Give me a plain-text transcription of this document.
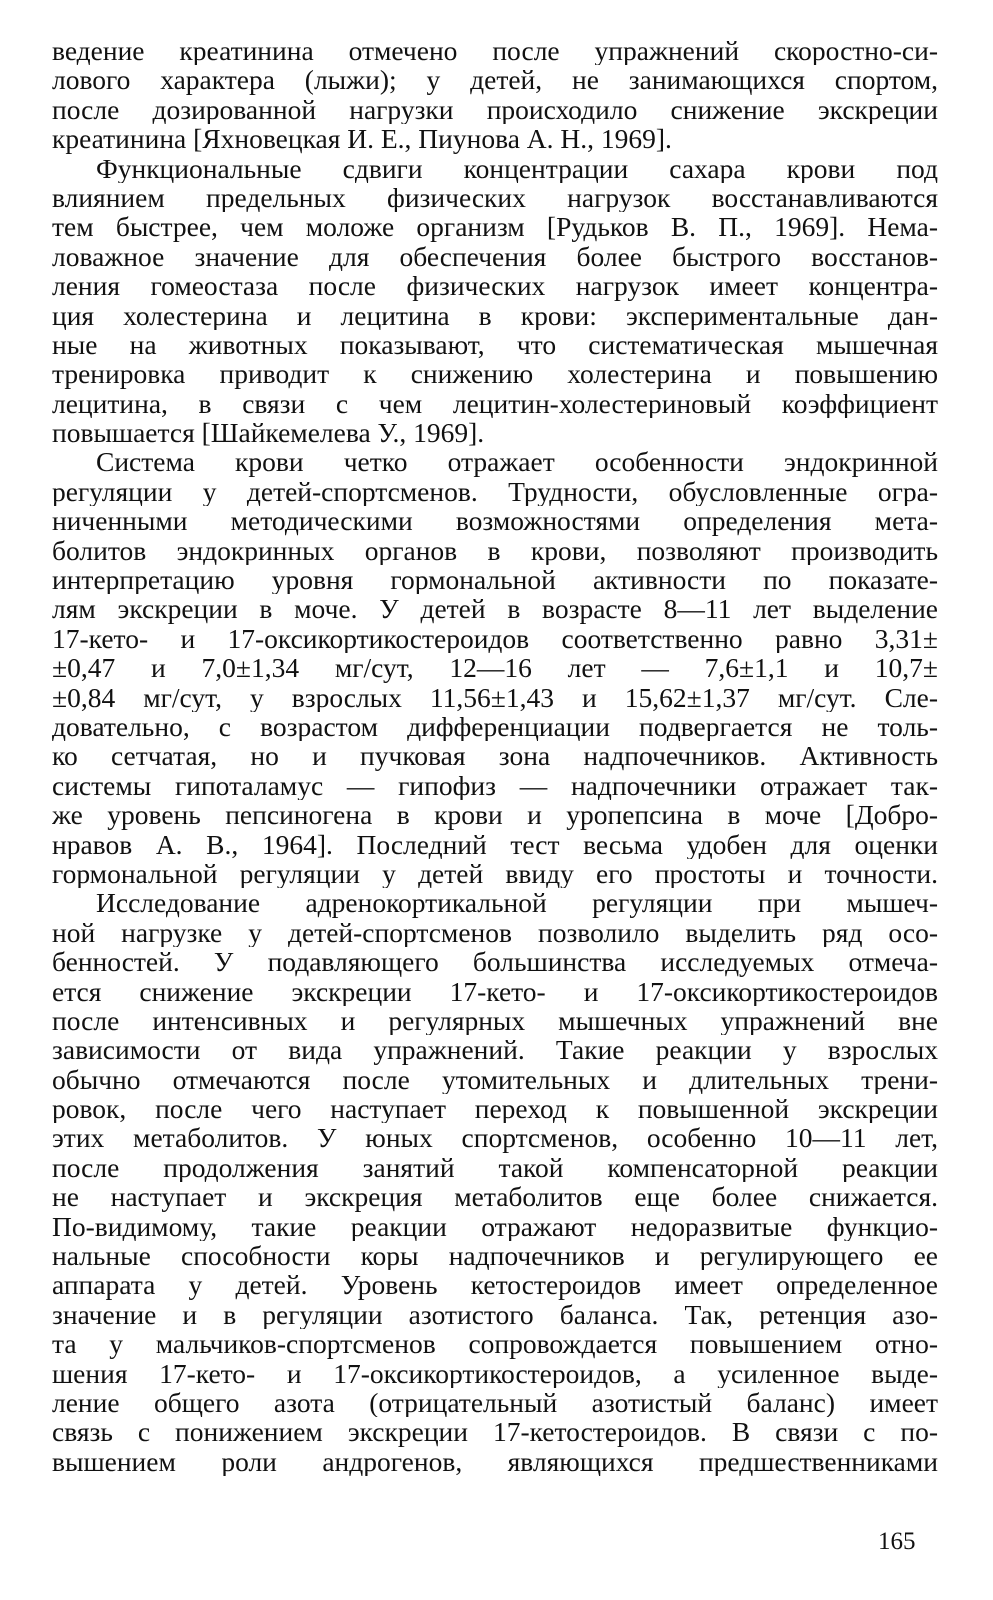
ведение креатинина отмечено после упражнений скоростно-си-
лового характера (лыжи); у детей, не занимающихся спортом,
после дозированной нагрузки происходило снижение экскреции
креатинина [Яхновецкая И. Е., Пиунова А. Н., 1969].
Функциональные сдвиги концентрации сахара крови под
влиянием предельных физических нагрузок восстанавливаются
тем быстрее, чем моложе организм [Рудьков В. П., 1969]. Нема-
ловажное значение для обеспечения более быстрого восстанов-
ления гомеостаза после физических нагрузок имеет концентра-
ция холестерина и лецитина в крови: экспериментальные дан-
ные на животных показывают, что систематическая мышечная
тренировка приводит к снижению холестерина и повышению
лецитина, в связи с чем лецитин-холестериновый коэффициент
повышается [Шайкемелева У., 1969].
Система крови четко отражает особенности эндокринной
регуляции у детей-спортсменов. Трудности, обусловленные огра-
ниченными методическими возможностями определения мета-
болитов эндокринных органов в крови, позволяют производить
интерпретацию уровня гормональной активности по показате-
лям экскреции в моче. У детей в возрасте 8—11 лет выделение
17-кето- и 17-оксикортикостероидов соответственно равно 3,31±
±0,47 и 7,0±1,34 мг/сут, 12—16 лет — 7,6±1,1 и 10,7±
±0,84 мг/сут, у взрослых 11,56±1,43 и 15,62±1,37 мг/сут. Сле-
довательно, с возрастом дифференциации подвергается не толь-
ко сетчатая, но и пучковая зона надпочечников. Активность
системы гипоталамус — гипофиз — надпочечники отражает так-
же уровень пепсиногена в крови и уропепсина в моче [Добро-
нравов А. В., 1964]. Последний тест весьма удобен для оценки
гормональной регуляции у детей ввиду его простоты и точности.
Исследование адренокортикальной регуляции при мышеч-
ной нагрузке у детей-спортсменов позволило выделить ряд осо-
бенностей. У подавляющего большинства исследуемых отмеча-
ется снижение экскреции 17-кето- и 17-оксикортикостероидов
после интенсивных и регулярных мышечных упражнений вне
зависимости от вида упражнений. Такие реакции у взрослых
обычно отмечаются после утомительных и длительных трени-
ровок, после чего наступает переход к повышенной экскреции
этих метаболитов. У юных спортсменов, особенно 10—11 лет,
после продолжения занятий такой компенсаторной реакции
не наступает и экскреция метаболитов еще более снижается.
По-видимому, такие реакции отражают недоразвитые функцио-
нальные способности коры надпочечников и регулирующего ее
аппарата у детей. Уровень кетостероидов имеет определенное
значение и в регуляции азотистого баланса. Так, ретенция азо-
та у мальчиков-спортсменов сопровождается повышением отно-
шения 17-кето- и 17-оксикортикостероидов, а усиленное выде-
ление общего азота (отрицательный азотистый баланс) имеет
связь с понижением экскреции 17-кетостероидов. В связи с по-
вышением роли андрогенов, являющихся предшественниками
165
